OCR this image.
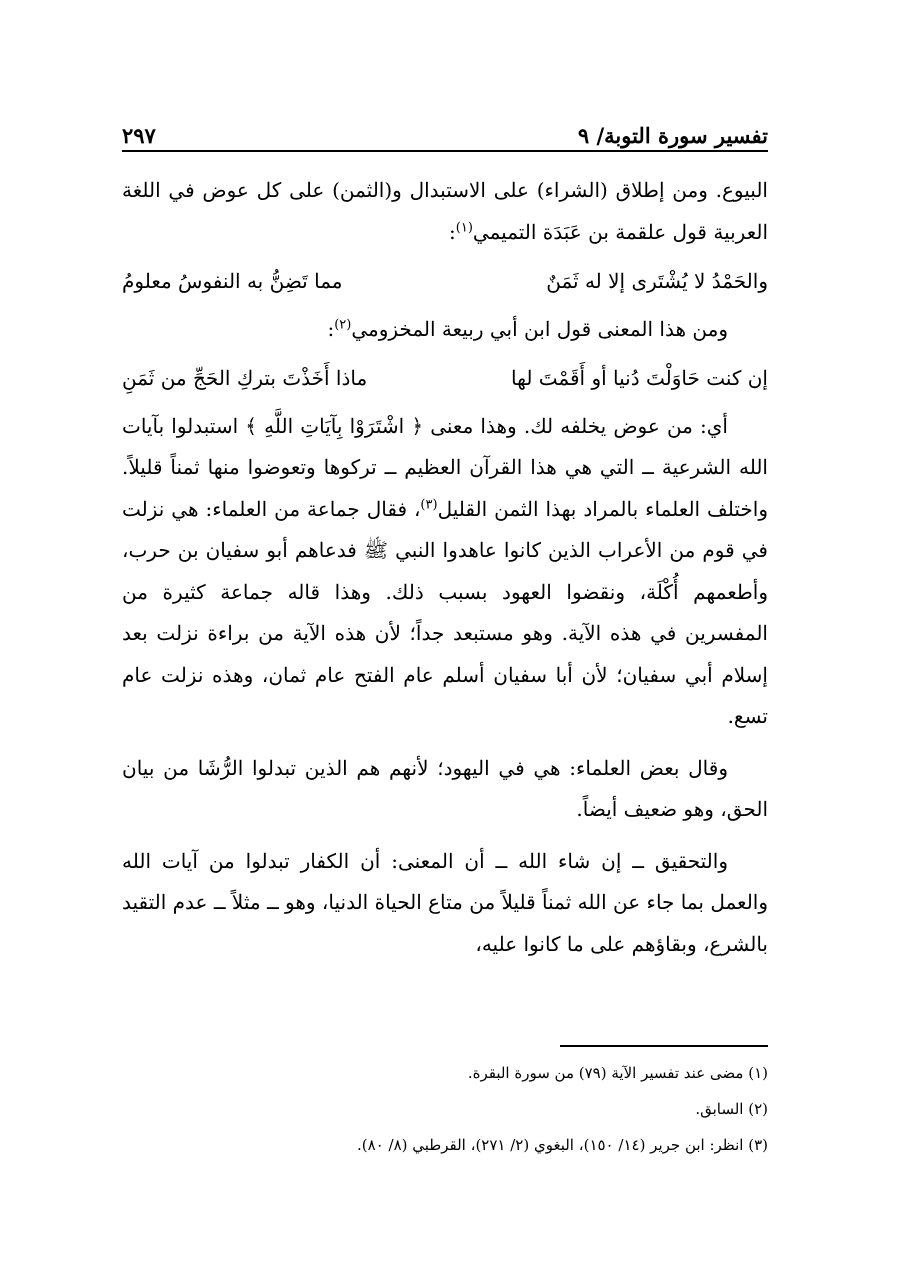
تفسير سورة التوبة/ ٩
٢٩٧

البيوع. ومن إطلاق (الشراء) على الاستبدال و(الثمن) على كل عوض في اللغة العربية قول علقمة بن عَبَدَة التميمي$^{(١)}$:

والحَمْدُ لا يُشْتَرى إلا له ثَمَنٌ
مما تَضِنُّ به النفوسُ معلومُ

ومن هذا المعنى قول ابن أبي ربيعة المخزومي$^{(٢)}$:

إن كنت حَاوَلْتَ دُنيا أو أَقَمْتَ لها
ماذا أَخَذْتَ بتركِ الحَجِّ من ثَمَنِ

أي: من عوض يخلفه لك. وهذا معنى ﴿ اشْتَرَوْا بِآيَاتِ اللَّهِ ﴾ استبدلوا بآيات الله الشرعية ــ التي هي هذا القرآن العظيم ــ تركوها وتعوضوا منها ثمناً قليلاً. واختلف العلماء بالمراد بهذا الثمن القليل$^{(٣)}$، فقال جماعة من العلماء: هي نزلت في قوم من الأعراب الذين كانوا عاهدوا النبي ﷺ فدعاهم أبو سفيان بن حرب، وأطعمهم أُكْلَة، ونقضوا العهود بسبب ذلك. وهذا قاله جماعة كثيرة من المفسرين في هذه الآية. وهو مستبعد جداً؛ لأن هذه الآية من براءة نزلت بعد إسلام أبي سفيان؛ لأن أبا سفيان أسلم عام الفتح عام ثمان، وهذه نزلت عام تسع.

وقال بعض العلماء: هي في اليهود؛ لأنهم هم الذين تبدلوا الرُّشَا من بيان الحق، وهو ضعيف أيضاً.

والتحقيق ــ إن شاء الله ــ أن المعنى: أن الكفار تبدلوا من آيات الله والعمل بما جاء عن الله ثمناً قليلاً من متاع الحياة الدنيا، وهو ــ مثلاً ــ عدم التقيد بالشرع، وبقاؤهم على ما كانوا عليه،

(١) مضى عند تفسير الآية (٧٩) من سورة البقرة.
(٢) السابق.
(٣) انظر: ابن جرير (١٤/ ١٥٠)، البغوي (٢/ ٢٧١)، القرطبي (٨/ ٨٠).
